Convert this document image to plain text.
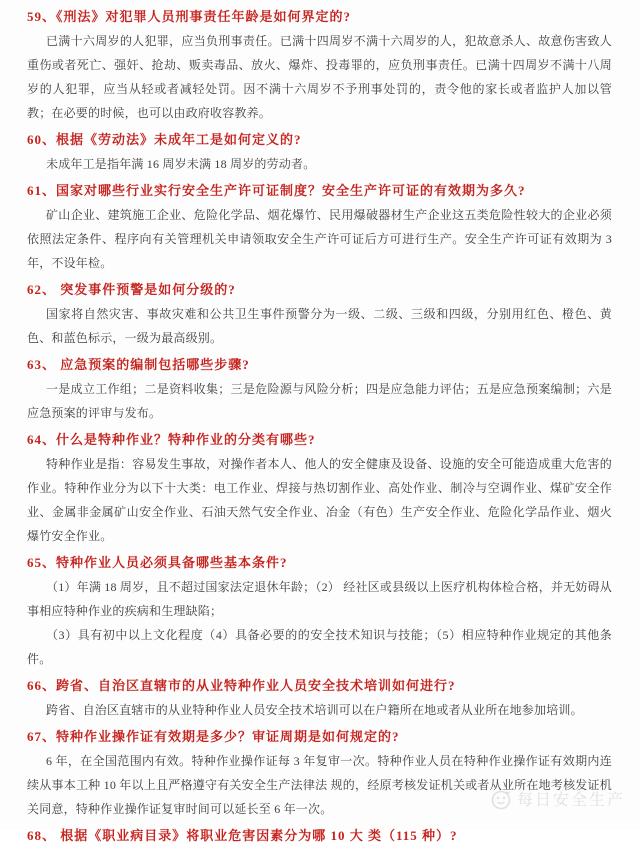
59、《刑法》对犯罪人员刑事责任年龄是如何界定的?

已满十六周岁的人犯罪，应当负刑事责任。已满十四周岁不满十六周岁的人，犯故意杀人、故意伤害致人重伤或者死亡、强奸、抢劫、贩卖毒品、放火、爆炸、投毒罪的，应负刑事责任。已满十四周岁不满十八周岁的人犯罪，应当从轻或者减轻处罚。因不满十六周岁不予刑事处罚的，责令他的家长或者监护人加以管教；在必要的时候，也可以由政府收容教养。

60、根据《劳动法》未成年工是如何定义的?

未成年工是指年满 16 周岁未满 18 周岁的劳动者。

61、国家对哪些行业实行安全生产许可证制度？安全生产许可证的有效期为多久?

矿山企业、建筑施工企业、危险化学品、烟花爆竹、民用爆破器材生产企业这五类危险性较大的企业必须依照法定条件、程序向有关管理机关申请领取安全生产许可证后方可进行生产。安全生产许可证有效期为 3 年，不设年检。

62、 突发事件预警是如何分级的?

国家将自然灾害、事故灾难和公共卫生事件预警分为一级、二级、三级和四级，分别用红色、橙色、黄色、和蓝色标示，一级为最高级别。

63、 应急预案的编制包括哪些步骤?

一是成立工作组；二是资料收集；三是危险源与风险分析；四是应急能力评估；五是应急预案编制；六是应急预案的评审与发布。

64、什么是特种作业？特种作业的分类有哪些?

特种作业是指：容易发生事故，对操作者本人、他人的安全健康及设备、设施的安全可能造成重大危害的作业。特种作业分为以下十大类：电工作业、焊接与热切割作业、高处作业、制冷与空调作业、煤矿安全作业、金属非金属矿山安全作业、石油天然气安全作业、冶金（有色）生产安全作业、危险化学品作业、烟火爆竹安全作业。

65、特种作业人员必须具备哪些基本条件?

（1）年满 18 周岁，且不超过国家法定退休年龄；（2） 经社区或县级以上医疗机构体检合格，并无妨碍从事相应特种作业的疾病和生理缺陷；

（3）具有初中以上文化程度（4）具备必要的的安全技术知识与技能；（5）相应特种作业规定的其他条件。

66、跨省、自治区直辖市的从业特种作业人员安全技术培训如何进行?

跨省、自治区直辖市的从业特种作业人员安全技术培训可以在户籍所在地或者从业所在地参加培训。

67、特种作业操作证有效期是多少？审证周期是如何规定的?

6 年，在全国范围内有效。特种作业操作证每 3 年复审一次。特种作业人员在特种作业操作证有效期内连续从事本工种 10 年以上且严格遵守有关安全生产法律法 规的，经原考核发证机关或者从业所在地考核发证机关同意，特种作业操作证复审时间可以延长至 6 年一次。

68、 根据《职业病目录》将职业危害因素分为哪 10 大 类（115 种）?
每日安全生产
